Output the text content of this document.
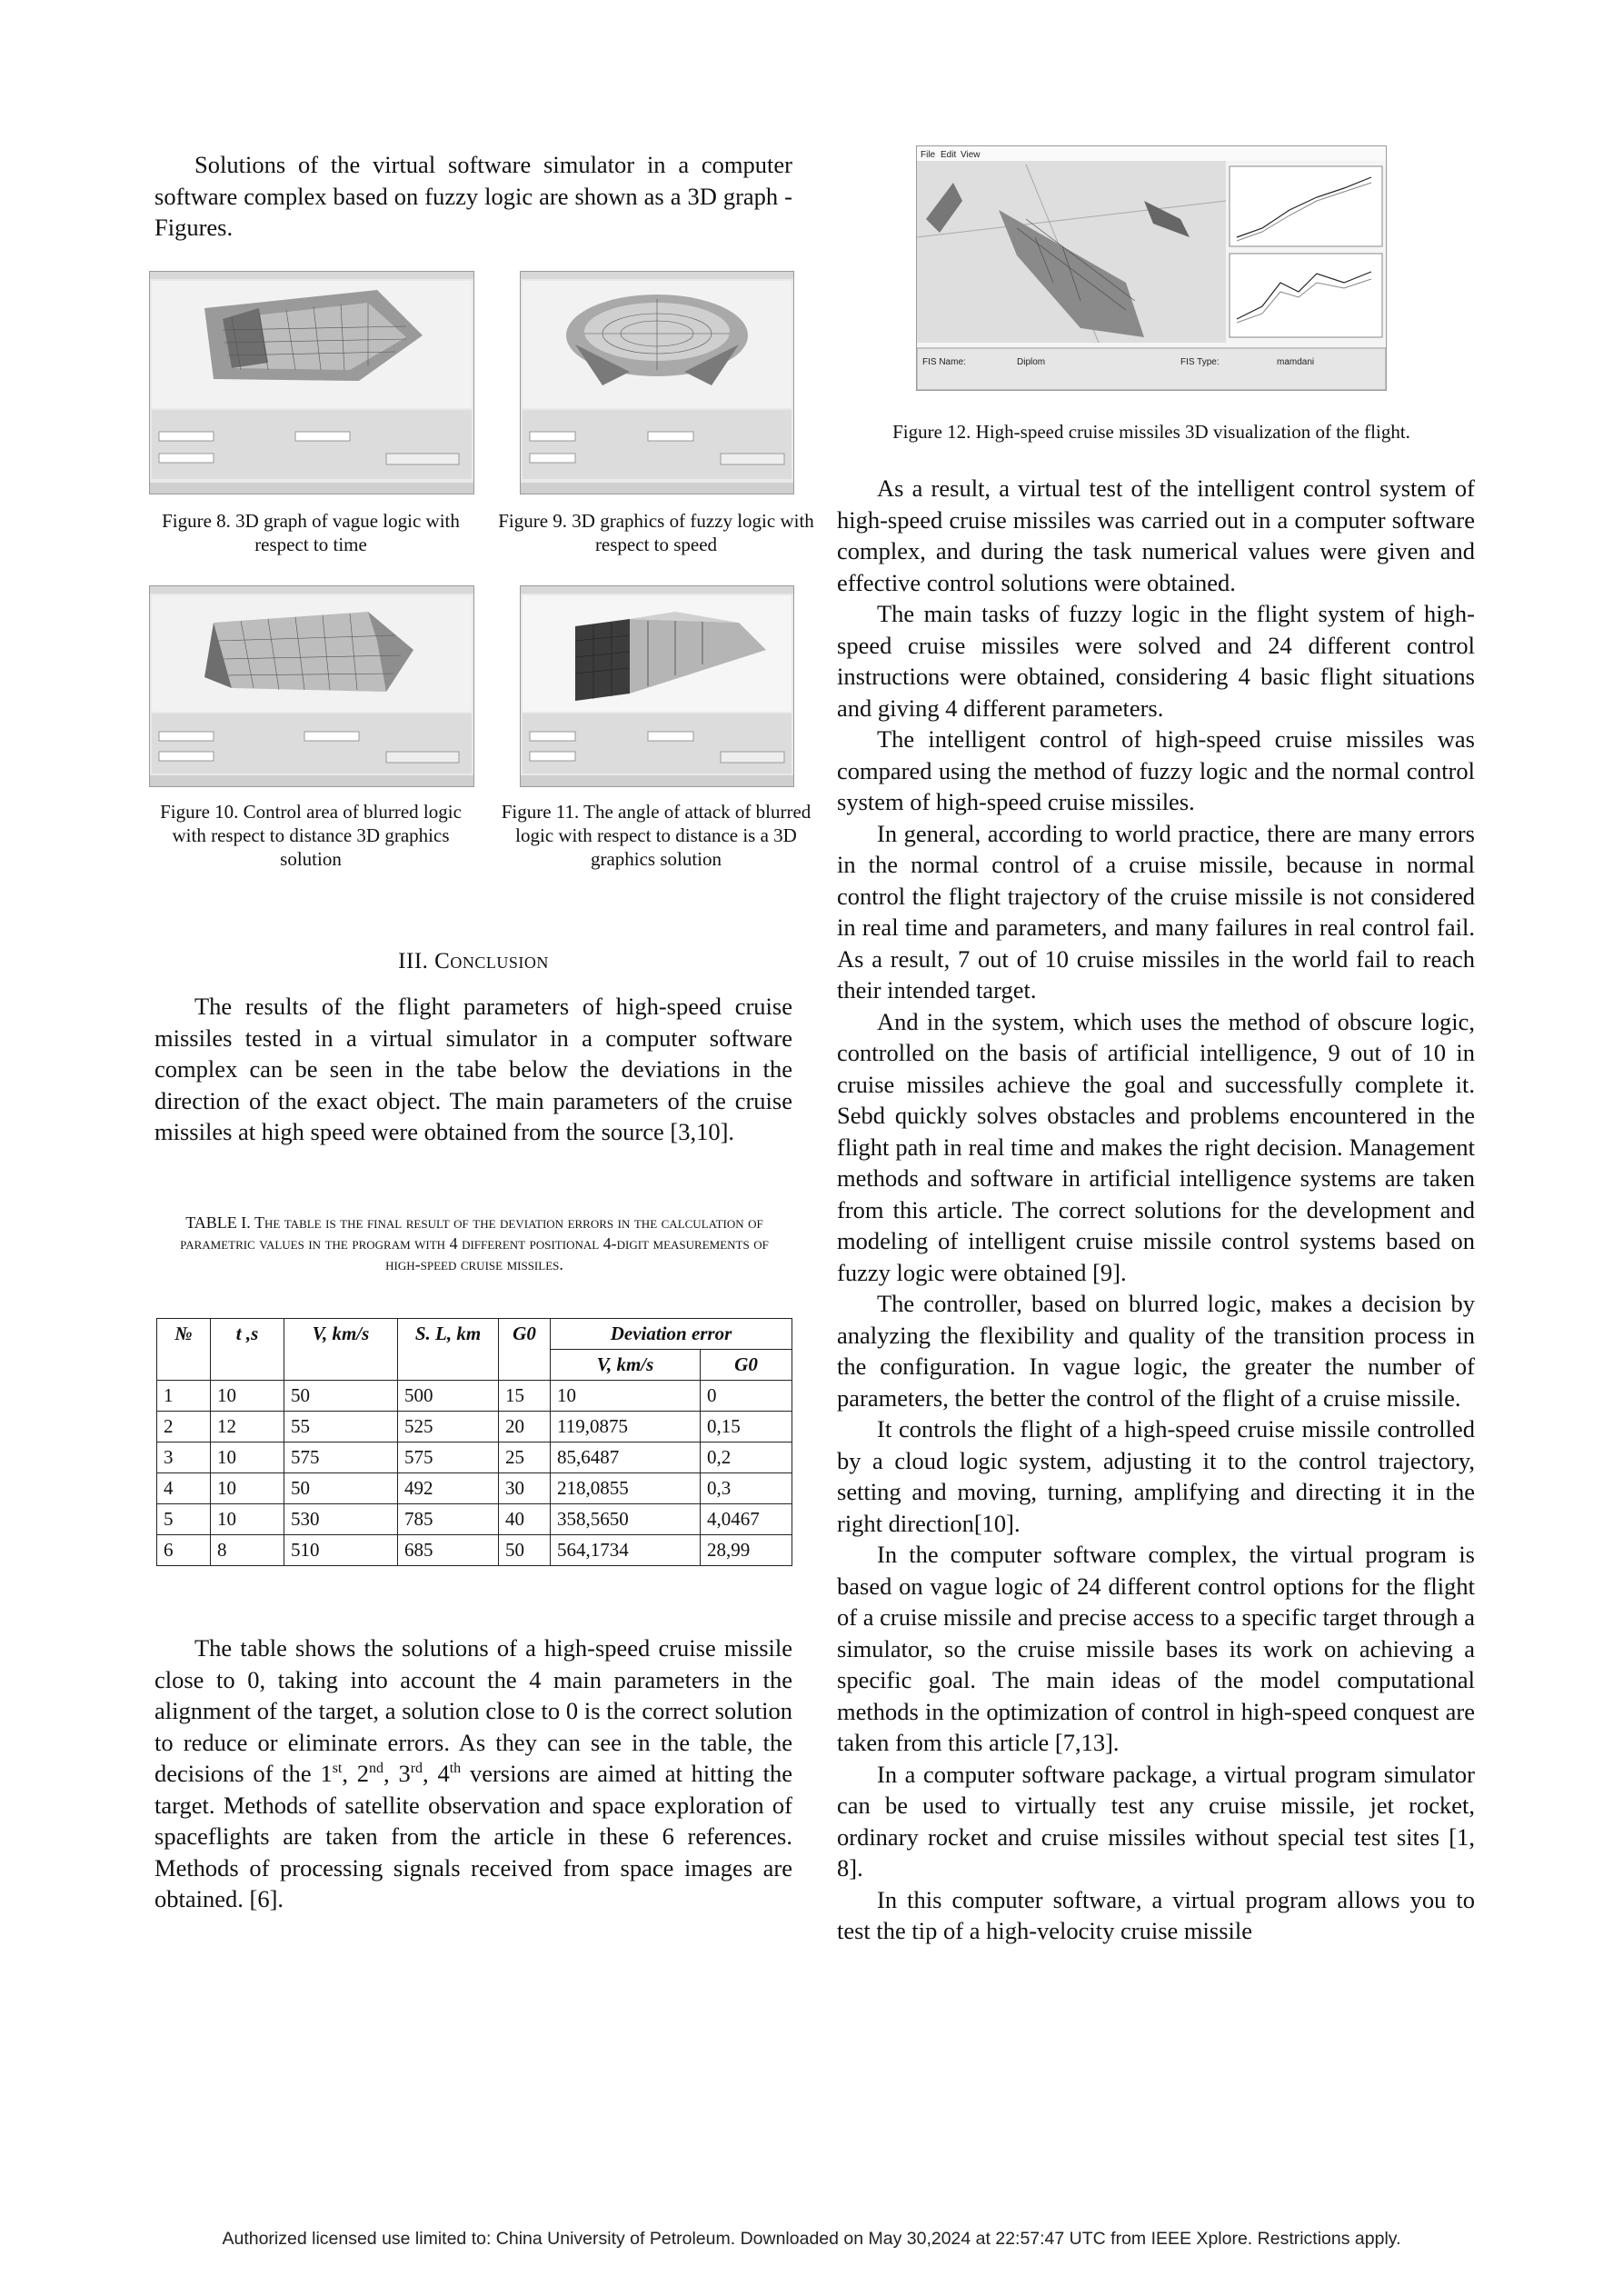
Solutions of the virtual software simulator in a computer software complex based on fuzzy logic are shown as a 3D graph - Figures.

Figure 8. 3D graph of vague logic with respect to time

Figure 9. 3D graphics of fuzzy logic with respect to speed

Figure 10. Control area of blurred logic with respect to distance 3D graphics solution

Figure 11. The angle of attack of blurred logic with respect to distance is a 3D graphics solution

III. Conclusion

The results of the flight parameters of high-speed cruise missiles tested in a virtual simulator in a computer software complex can be seen in the tabe below the deviations in the direction of the exact object. The main parameters of the cruise missiles at high speed were obtained from the source [3,10].

TABLE I. The table is the final result of the deviation errors in the calculation of parametric values in the program with 4 different positional 4-digit measurements of high-speed cruise missiles.

№	t ,s	V, km/s	S. L, km	G0	Deviation error	
					V, km/s	G0
1	10	50	500	15	10	0
2	12	55	525	20	119,0875	0,15
3	10	575	575	25	85,6487	0,2
4	10	50	492	30	218,0855	0,3
5	10	530	785	40	358,5650	4,0467
6	8	510	685	50	564,1734	28,99

The table shows the solutions of a high-speed cruise missile close to 0, taking into account the 4 main parameters in the alignment of the target, a solution close to 0 is the correct solution to reduce or eliminate errors. As they can see in the table, the decisions of the 1st, 2nd, 3rd, 4th versions are aimed at hitting the target. Methods of satellite observation and space exploration of spaceflights are taken from the article in these 6 references. Methods of processing signals received from space images are obtained. [6].

File Edit View
FIS Name:	Diplom	FIS Type:	mamdani

Figure 12. High-speed cruise missiles 3D visualization of the flight.

As a result, a virtual test of the intelligent control system of high-speed cruise missiles was carried out in a computer software complex, and during the task numerical values were given and effective control solutions were obtained.

The main tasks of fuzzy logic in the flight system of high-speed cruise missiles were solved and 24 different control instructions were obtained, considering 4 basic flight situations and giving 4 different parameters.

The intelligent control of high-speed cruise missiles was compared using the method of fuzzy logic and the normal control system of high-speed cruise missiles.

In general, according to world practice, there are many errors in the normal control of a cruise missile, because in normal control the flight trajectory of the cruise missile is not considered in real time and parameters, and many failures in real control fail. As a result, 7 out of 10 cruise missiles in the world fail to reach their intended target.

And in the system, which uses the method of obscure logic, controlled on the basis of artificial intelligence, 9 out of 10 in cruise missiles achieve the goal and successfully complete it. Sebd quickly solves obstacles and problems encountered in the flight path in real time and makes the right decision. Management methods and software in artificial intelligence systems are taken from this article. The correct solutions for the development and modeling of intelligent cruise missile control systems based on fuzzy logic were obtained [9].

The controller, based on blurred logic, makes a decision by analyzing the flexibility and quality of the transition process in the configuration. In vague logic, the greater the number of parameters, the better the control of the flight of a cruise missile.

It controls the flight of a high-speed cruise missile controlled by a cloud logic system, adjusting it to the control trajectory, setting and moving, turning, amplifying and directing it in the right direction[10].

In the computer software complex, the virtual program is based on vague logic of 24 different control options for the flight of a cruise missile and precise access to a specific target through a simulator, so the cruise missile bases its work on achieving a specific goal. The main ideas of the model computational methods in the optimization of control in high-speed conquest are taken from this article [7,13].

In a computer software package, a virtual program simulator can be used to virtually test any cruise missile, jet rocket, ordinary rocket and cruise missiles without special test sites [1, 8].

In this computer software, a virtual program allows you to test the tip of a high-velocity cruise missile

Authorized licensed use limited to: China University of Petroleum. Downloaded on May 30,2024 at 22:57:47 UTC from IEEE Xplore. Restrictions apply.
